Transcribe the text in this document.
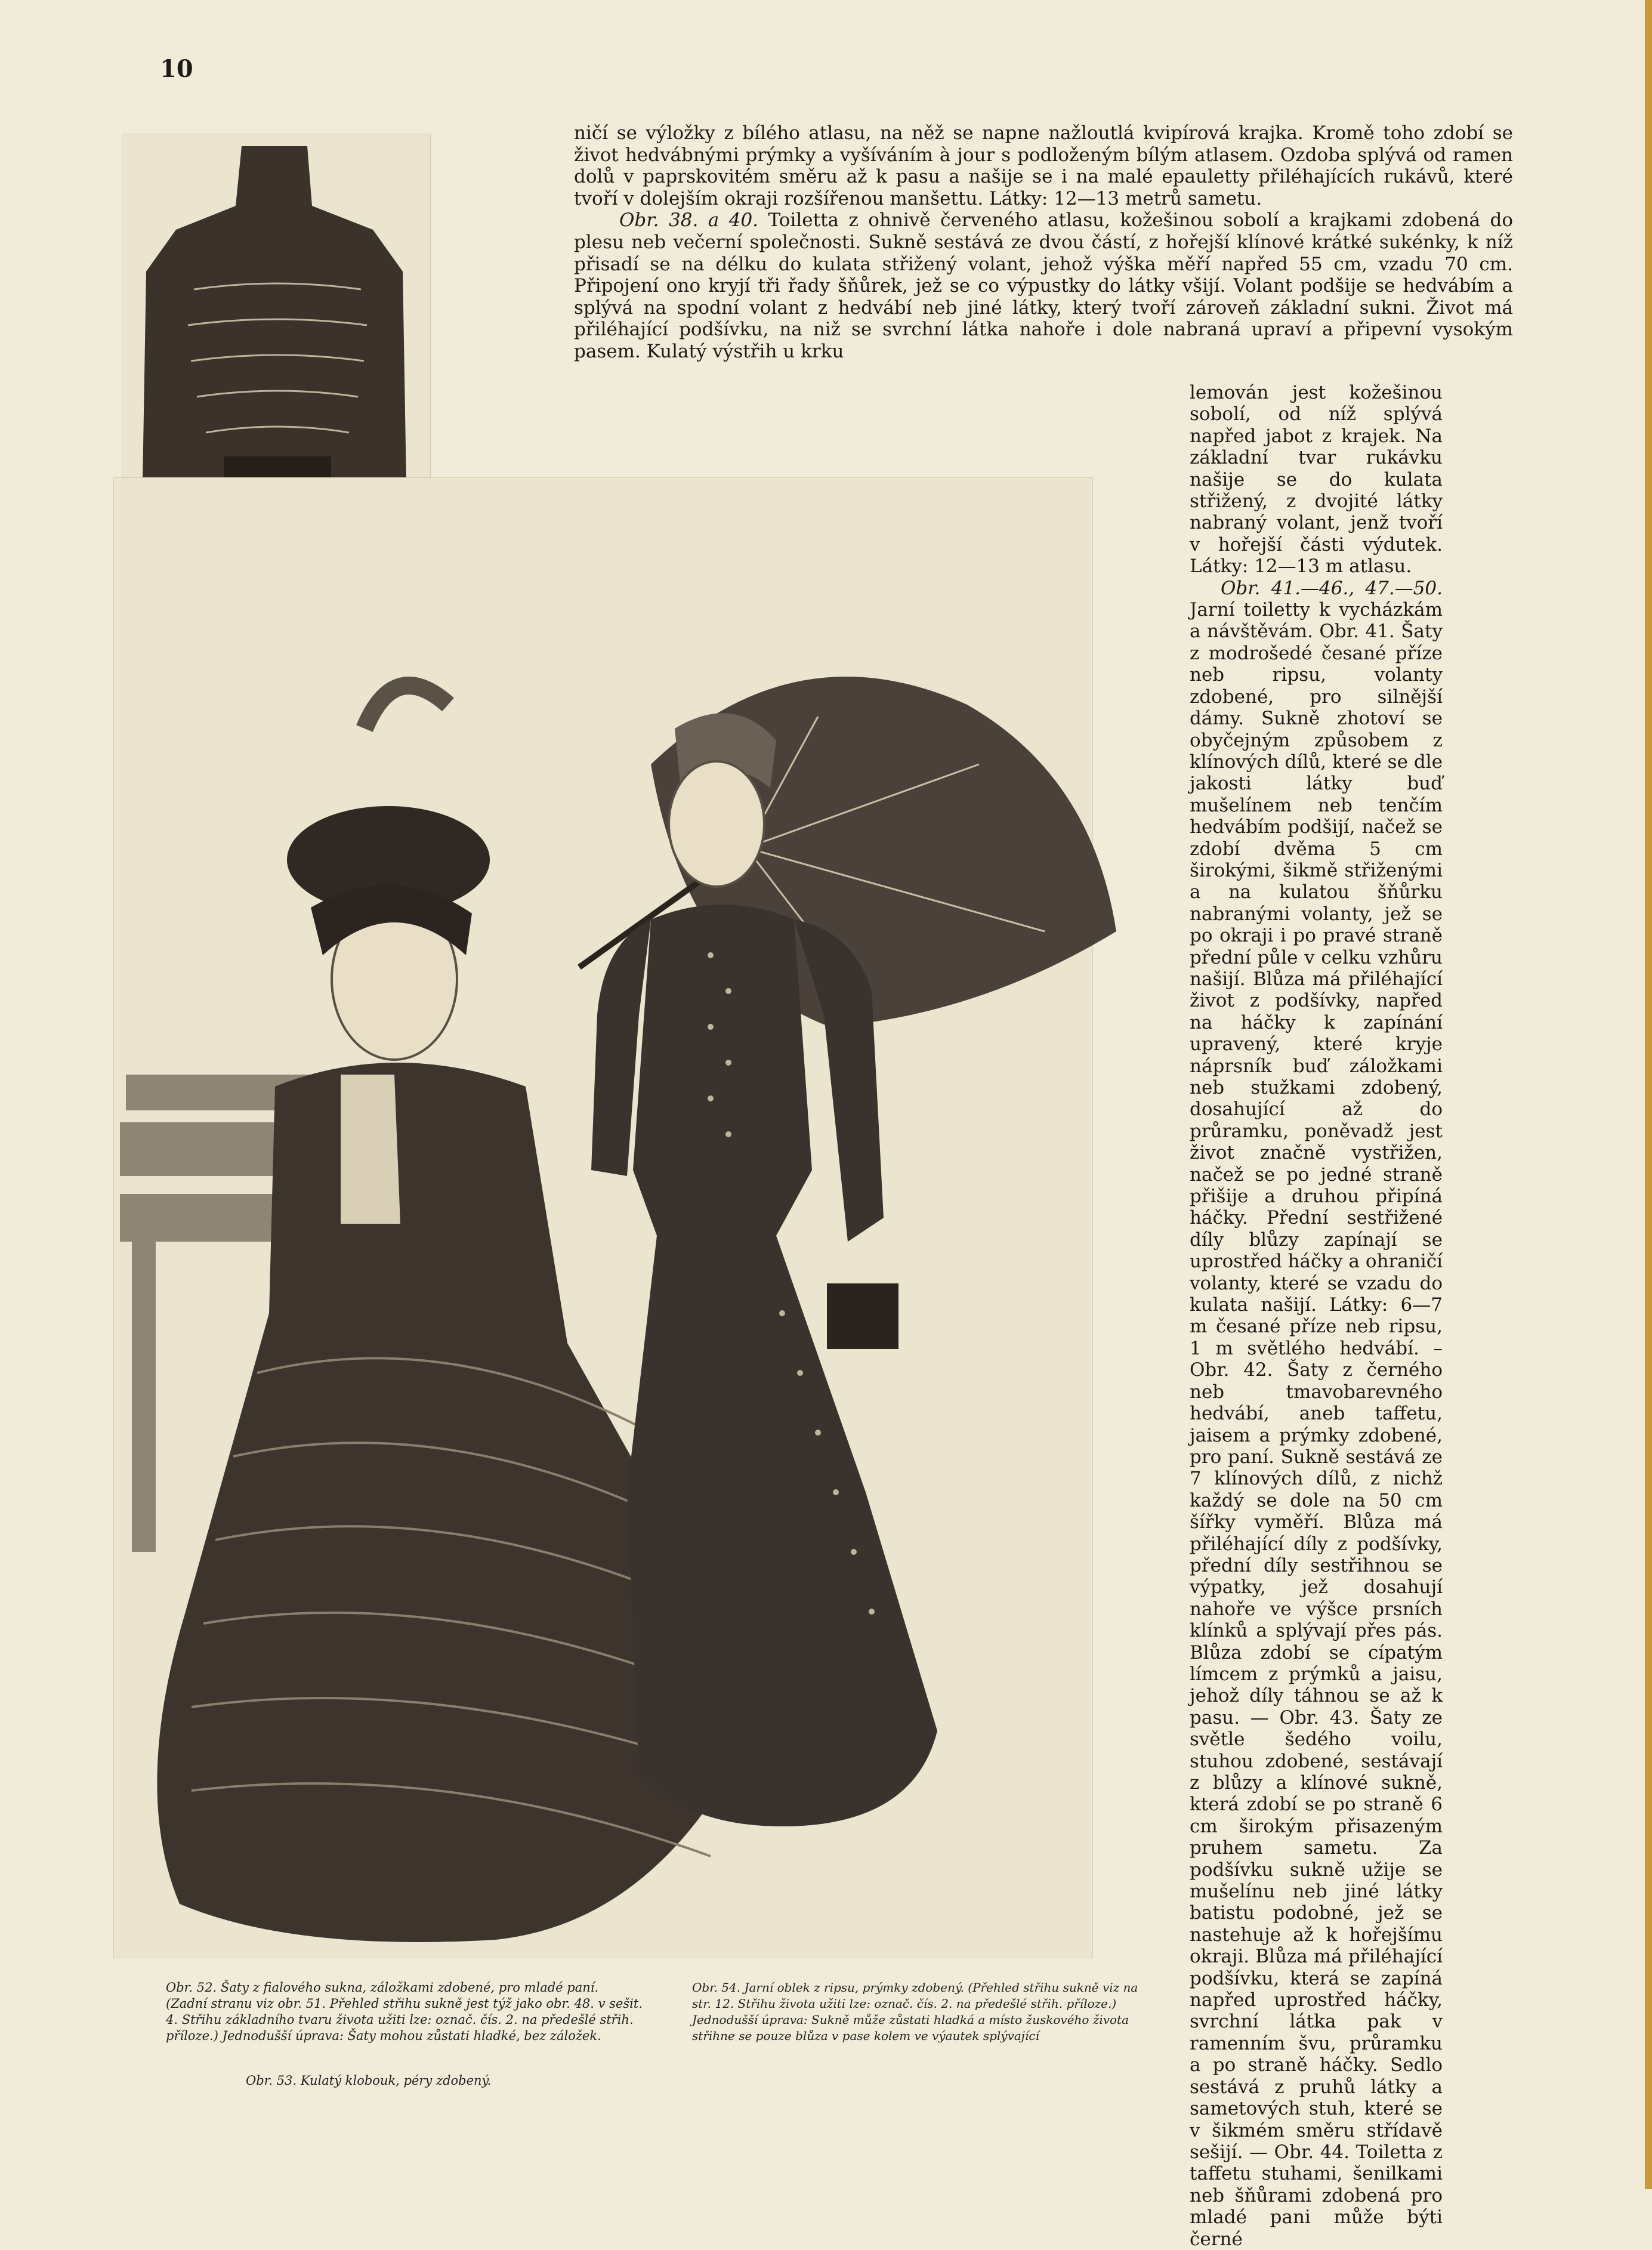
10

ničí se výložky z bílého atlasu, na něž se napne nažloutlá kvipírová krajka. Kromě toho zdobí se život hedvábnými prýmky a vyšíváním à jour s podloženým bílým atlasem. Ozdoba splývá od ramen dolů v paprskovitém směru až k pasu a našije se i na malé epauletty přiléhajících rukávů, které tvoří v dolejším okraji rozšířenou manšettu. Látky: 12—13 metrů sametu.

Obr. 38. a 40. Toiletta z ohnivě červeného atlasu, kožešinou sobolí a krajkami zdobená do plesu neb večerní společnosti. Sukně sestává ze dvou částí, z hořejší klínové krátké sukénky, k níž přisadí se na délku do kulata střižený volant, jehož výška měří napřed 55 cm, vzadu 70 cm. Připojení ono kryjí tři řady šňůrek, jež se co výpustky do látky všijí. Volant podšije se hedvábím a splývá na spodní volant z hedvábí neb jiné látky, který tvoří zároveň základní sukni. Život má přiléhající podšívku, na niž se svrchní látka nahoře i dole nabraná upraví a připevní vysokým pasem. Kulatý výstřih u krku

lemován jest kožešinou sobolí, od níž splývá napřed jabot z krajek. Na základní tvar rukávku našije se do kulata střižený, z dvojité látky nabraný volant, jenž tvoří v hořejší části výdutek. Látky: 12—13 m atlasu.

Obr. 41.—46., 47.—50. Jarní toiletty k vycházkám a návštěvám. Obr. 41. Šaty z modrošedé česané příze neb ripsu, volanty zdobené, pro silnější dámy. Sukně zhotoví se obyčejným způsobem z klínových dílů, které se dle jakosti látky buď mušelínem neb tenčím hedvábím podšijí, načež se zdobí dvěma 5 cm širokými, šikmě střiženými a na kulatou šňůrku nabranými volanty, jež se po okraji i po pravé straně přední půle v celku vzhůru našijí. Blůza má přiléhající život z podšívky, napřed na háčky k zapínání upravený, které kryje náprsník buď záložkami neb stužkami zdobený, dosahující až do průramku, poněvadž jest život značně vystřižen, načež se po jedné straně přišije a druhou připíná háčky. Přední sestřižené díly blůzy zapínají se uprostřed háčky a ohraničí volanty, které se vzadu do kulata našijí. Látky: 6—7 m česané příze neb ripsu, 1 m světlého hedvábí. – Obr. 42. Šaty z černého neb tmavobarevného hedvábí, aneb taffetu, jaisem a prýmky zdobené, pro paní. Sukně sestává ze 7 klínových dílů, z nichž každý se dole na 50 cm šířky vyměří. Blůza má přiléhající díly z podšívky, přední díly sestřihnou se výpatky, jež dosahují nahoře ve výšce prsních klínků a splývají přes pás. Blůza zdobí se cípatým límcem z prýmků a jaisu, jehož díly táhnou se až k pasu. — Obr. 43. Šaty ze světle šedého voilu, stuhou zdobené, sestávají z blůzy a klínové sukně, která zdobí se po straně 6 cm širokým přisazeným pruhem sametu. Za podšívku sukně užije se mušelínu neb jiné látky batistu podobné, jež se nastehuje až k hořejšímu okraji. Blůza má přiléhající podšívku, která se zapíná napřed uprostřed háčky, svrchní látka pak v ramenním švu, průramku a po straně háčky. Sedlo sestává z pruhů látky a sametových stuh, které se v šikmém směru střídavě sešijí. — Obr. 44. Toiletta z taffetu stuhami, šenilkami neb šňůrami zdobená pro mladé pani může býti černé

Obr. 52. Šaty z fialového sukna, záložkami zdobené, pro mladé paní. (Zadní stranu viz obr. 51. Přehled střihu sukně jest týž jako obr. 48. v sešit. 4. Střihu základního tvaru života užiti lze: označ. čís. 2. na předešlé střih. příloze.) Jednodušší úprava: Šaty mohou zůstati hladké, bez záložek.
Obr. 53. Kulatý klobouk, péry zdobený.
Obr. 54. Jarní oblek z ripsu, prýmky zdobený. (Přehled střihu sukně viz na str. 12. Střihu života užiti lze: označ. čís. 2. na předešlé střih. příloze.) Jednodušší úprava: Sukně může zůstati hladká a místo žuskového života střihne se pouze blůza v pase kolem ve výautek splývající
